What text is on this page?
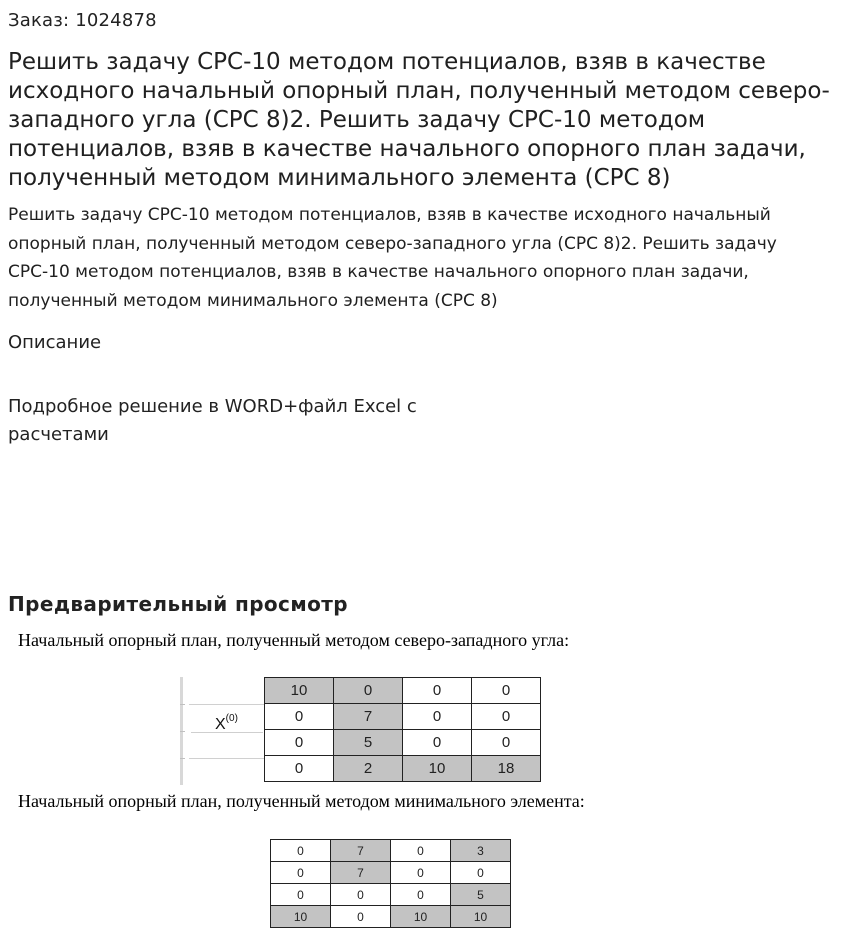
Заказ: 1024878
Решить задачу СРС-10 методом потенциалов, взяв в качестве исходного начальный опорный план, полученный методом северо-западного угла (СРС 8)2. Решить задачу СРС-10 методом потенциалов, взяв в качестве начального опорного план задачи, полученный методом минимального элемента (СРС 8)

Решить задачу СРС-10 методом потенциалов, взяв в качестве исходного начальный опорный план, полученный методом северо-западного угла (СРС 8)2. Решить задачу СРС-10 методом потенциалов, взяв в качестве начального опорного план задачи, полученный методом минимального элемента (СРС 8)

Описание

Подробное решение в WORD+файл Excel с расчетами

Предварительный просмотр
Начальный опорный план, полученный методом северо-западного угла:
$X^{(0)}$
10	0	0	0
0	7	0	0
0	5	0	0
0	2	10	18
Начальный опорный план, полученный методом минимального элемента:
0	7	0	3
0	7	0	0
0	0	0	5
10	0	10	10
